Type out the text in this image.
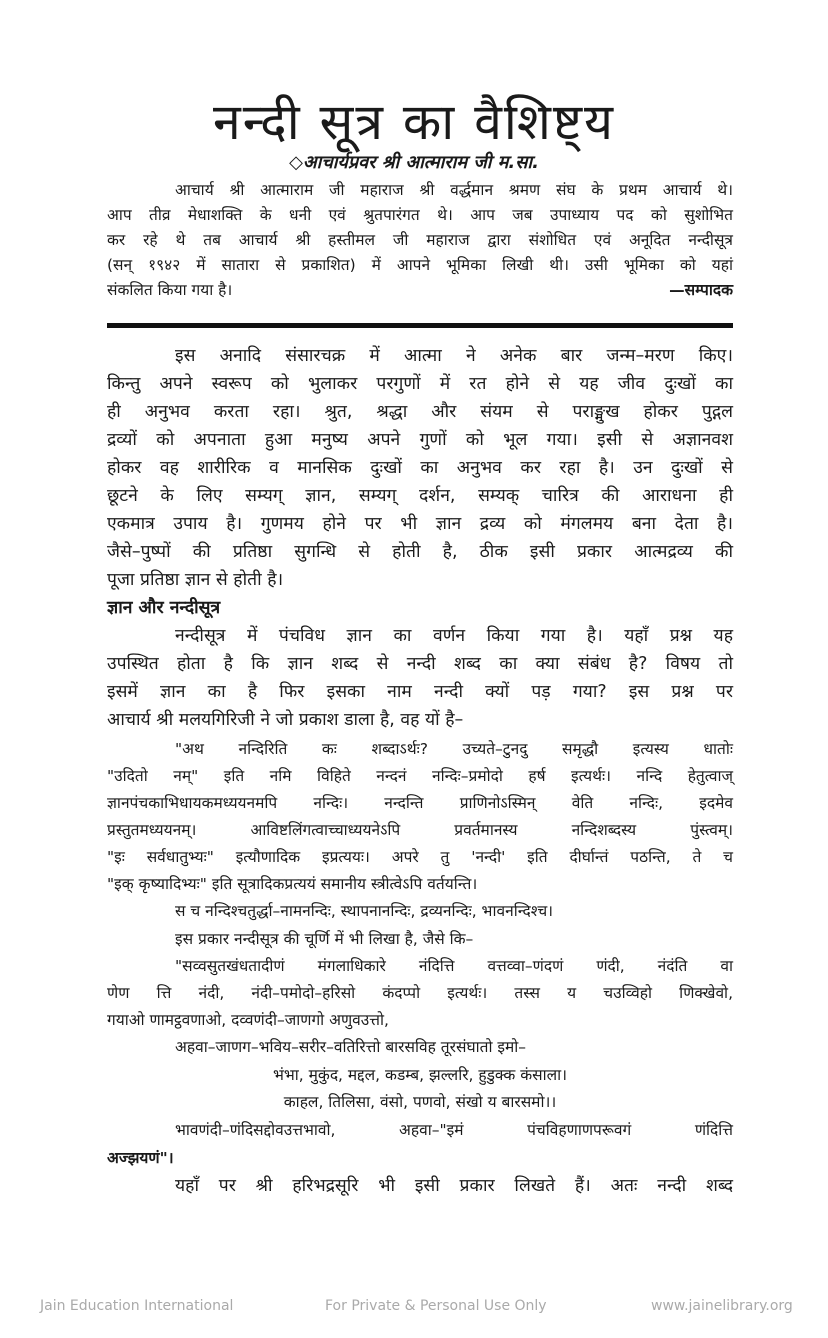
नन्दी सूत्र का वैशिष्ट्य
◇आचार्यप्रवर श्री आत्माराम जी म.सा.
आचार्य श्री आत्माराम जी महाराज श्री वर्द्धमान श्रमण संघ के प्रथम आचार्य थे।
आप तीव्र मेधाशक्ति के धनी एवं श्रुतपारंगत थे। आप जब उपाध्याय पद को सुशोभित
कर रहे थे तब आचार्य श्री हस्तीमल जी महाराज द्वारा संशोधित एवं अनूदित नन्दीसूत्र
(सन् १९४२ में सातारा से प्रकाशित) में आपने भूमिका लिखी थी। उसी भूमिका को यहां
संकलित किया गया है।	—सम्पादक
इस अनादि संसारचक्र में आत्मा ने अनेक बार जन्म–मरण किए।
किन्तु अपने स्वरूप को भुलाकर परगुणों में रत होने से यह जीव दुःखों का
ही अनुभव करता रहा। श्रुत, श्रद्धा और संयम से पराङ्मुख होकर पुद्गल
द्रव्यों को अपनाता हुआ मनुष्य अपने गुणों को भूल गया। इसी से अज्ञानवश
होकर वह शारीरिक व मानसिक दुःखों का अनुभव कर रहा है। उन दुःखों से
छूटने के लिए सम्यग् ज्ञान, सम्यग् दर्शन, सम्यक् चारित्र की आराधना ही
एकमात्र उपाय है। गुणमय होने पर भी ज्ञान द्रव्य को मंगलमय बना देता है।
जैसे–पुष्पों की प्रतिष्ठा सुगन्धि से होती है, ठीक इसी प्रकार आत्मद्रव्य की
पूजा प्रतिष्ठा ज्ञान से होती है।
ज्ञान और नन्दीसूत्र
नन्दीसूत्र में पंचविध ज्ञान का वर्णन किया गया है। यहाँ प्रश्न यह
उपस्थित होता है कि ज्ञान शब्द से नन्दी शब्द का क्या संबंध है? विषय तो
इसमें ज्ञान का है फिर इसका नाम नन्दी क्यों पड़ गया? इस प्रश्न पर
आचार्य श्री मलयगिरिजी ने जो प्रकाश डाला है, वह यों है–
"अथ नन्दिरिति कः शब्दाऽर्थः? उच्यते–टुनदु समृद्धौ इत्यस्य धातोः
"उदितो नम्" इति नमि विहिते नन्दनं नन्दिः–प्रमोदो हर्ष इत्यर्थः। नन्दि हेतुत्वाज्
ज्ञानपंचकाभिधायकमध्ययनमपि नन्दिः। नन्दन्ति प्राणिनोऽस्मिन् वेति नन्दिः, इदमेव
प्रस्तुतमध्ययनम्। आविष्टलिंगत्वाच्चाध्ययनेऽपि प्रवर्तमानस्य नन्दिशब्दस्य पुंस्त्वम्।
"इः सर्वधातुभ्यः" इत्यौणादिक इप्रत्ययः। अपरे तु 'नन्दी' इति दीर्घान्तं पठन्ति, ते च
"इक् कृष्यादिभ्यः" इति सूत्रादिकप्रत्ययं समानीय स्त्रीत्वेऽपि वर्तयन्ति।
स च नन्दिश्चतुर्द्धा–नामनन्दिः, स्थापनानन्दिः, द्रव्यनन्दिः, भावनन्दिश्च।
इस प्रकार नन्दीसूत्र की चूर्णि में भी लिखा है, जैसे कि–
"सव्वसुतखंधतादीणं मंगलाधिकारे नंदित्ति वत्तव्वा–णंदणं णंदी, नंदंति वा
णेण त्ति नंदी, नंदी–पमोदो–हरिसो कंदप्पो इत्यर्थः। तस्स य चउव्विहो णिक्खेवो,
गयाओ णामट्ठवणाओ, दव्वणंदी–जाणगो अणुवउत्तो,
अहवा–जाणग–भविय–सरीर–वतिरित्तो बारसविह तूरसंघातो इमो–
भंभा, मुकुंद, मद्दल, कडम्ब, झल्लरि, हुडुक्क कंसाला।
काहल, तिलिसा, वंसो, पणवो, संखो य बारसमो।।
भावणंदी–णंदिसद्दोवउत्तभावो, अहवा–"इमं पंचविहणाणपरूवगं णंदित्ति
अज्झयणं"।
यहाँ पर श्री हरिभद्रसूरि भी इसी प्रकार लिखते हैं। अतः नन्दी शब्द
Jain Education International	For Private & Personal Use Only	www.jainelibrary.org
